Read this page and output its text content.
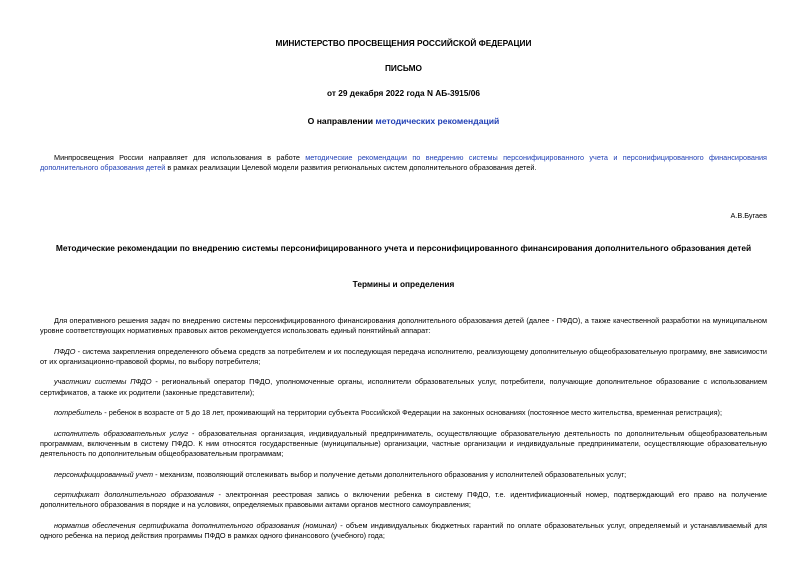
МИНИСТЕРСТВО ПРОСВЕЩЕНИЯ РОССИЙСКОЙ ФЕДЕРАЦИИ
ПИСЬМО
от 29 декабря 2022 года N АБ-3915/06
О направлении методических рекомендаций

Минпросвещения России направляет для использования в работе методические рекомендации по внедрению системы персонифицированного учета и персонифицированного финансирования дополнительного образования детей в рамках реализации Целевой модели развития региональных систем дополнительного образования детей.

А.В.Бугаев
Методические рекомендации по внедрению системы персонифицированного учета и персонифицированного финансирования дополнительного образования детей
Термины и определения

Для оперативного решения задач по внедрению системы персонифицированного финансирования дополнительного образования детей (далее - ПФДО), а также качественной разработки на муниципальном уровне соответствующих нормативных правовых актов рекомендуется использовать единый понятийный аппарат:

ПФДО - система закрепления определенного объема средств за потребителем и их последующая передача исполнителю, реализующему дополнительную общеобразовательную программу, вне зависимости от их организационно-правовой формы, по выбору потребителя;

участники системы ПФДО - региональный оператор ПФДО, уполномоченные органы, исполнители образовательных услуг, потребители, получающие дополнительное образование с использованием сертификатов, а также их родители (законные представители);

потребитель - ребенок в возрасте от 5 до 18 лет, проживающий на территории субъекта Российской Федерации на законных основаниях (постоянное место жительства, временная регистрация);

исполнитель образовательных услуг - образовательная организация, индивидуальный предприниматель, осуществляющие образовательную деятельность по дополнительным общеобразовательным программам, включенным в систему ПФДО. К ним относятся государственные (муниципальные) организации, частные организации и индивидуальные предприниматели, осуществляющие образовательную деятельность по дополнительным общеобразовательным программам;

персонифицированный учет - механизм, позволяющий отслеживать выбор и получение детьми дополнительного образования у исполнителей образовательных услуг;

сертификат дополнительного образования - электронная реестровая запись о включении ребенка в систему ПФДО, т.е. идентификационный номер, подтверждающий его право на получение дополнительного образования в порядке и на условиях, определяемых правовыми актами органов местного самоуправления;

норматив обеспечения сертификата дополнительного образования (номинал) - объем индивидуальных бюджетных гарантий по оплате образовательных услуг, определяемый и устанавливаемый для одного ребенка на период действия программы ПФДО в рамках одного финансового (учебного) года;
